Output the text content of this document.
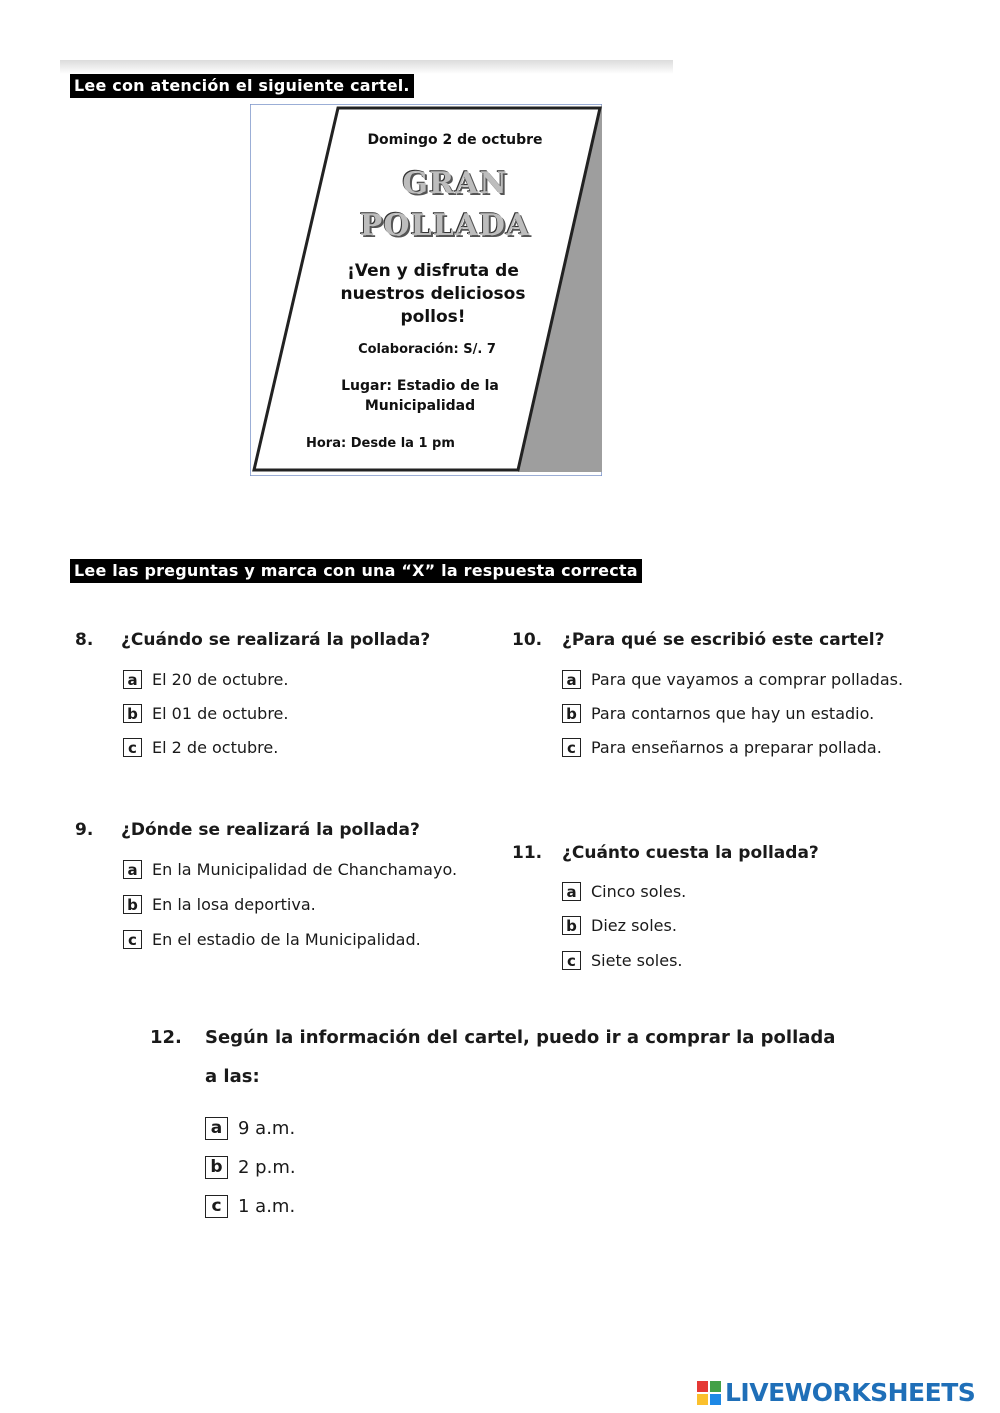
Lee con atención el siguiente cartel.
Domingo 2 de octubre
GRAN
POLLADA
¡Ven y disfruta de
nuestros deliciosos
pollos!
Colaboración: S/. 7
Lugar: Estadio de la
Municipalidad
Hora: Desde la 1 pm
Lee las preguntas y marca con una “X” la respuesta correcta
8.	¿Cuándo se realizará la pollada?
a El 20 de octubre.
b El 01 de octubre.
c El 2 de octubre.
9.	¿Dónde se realizará la pollada?
a En la Municipalidad de Chanchamayo.
b En la losa deportiva.
c En el estadio de la Municipalidad.
10.	¿Para qué se escribió este cartel?
a Para que vayamos a comprar polladas.
b Para contarnos que hay un estadio.
c Para enseñarnos a preparar pollada.
11.	¿Cuánto cuesta la pollada?
a Cinco soles.
b Diez soles.
c Siete soles.
12.	Según la información del cartel, puedo ir a comprar la pollada
a las:
a 9 a.m.
b 2 p.m.
c 1 a.m.
LIVEWORKSHEETS
